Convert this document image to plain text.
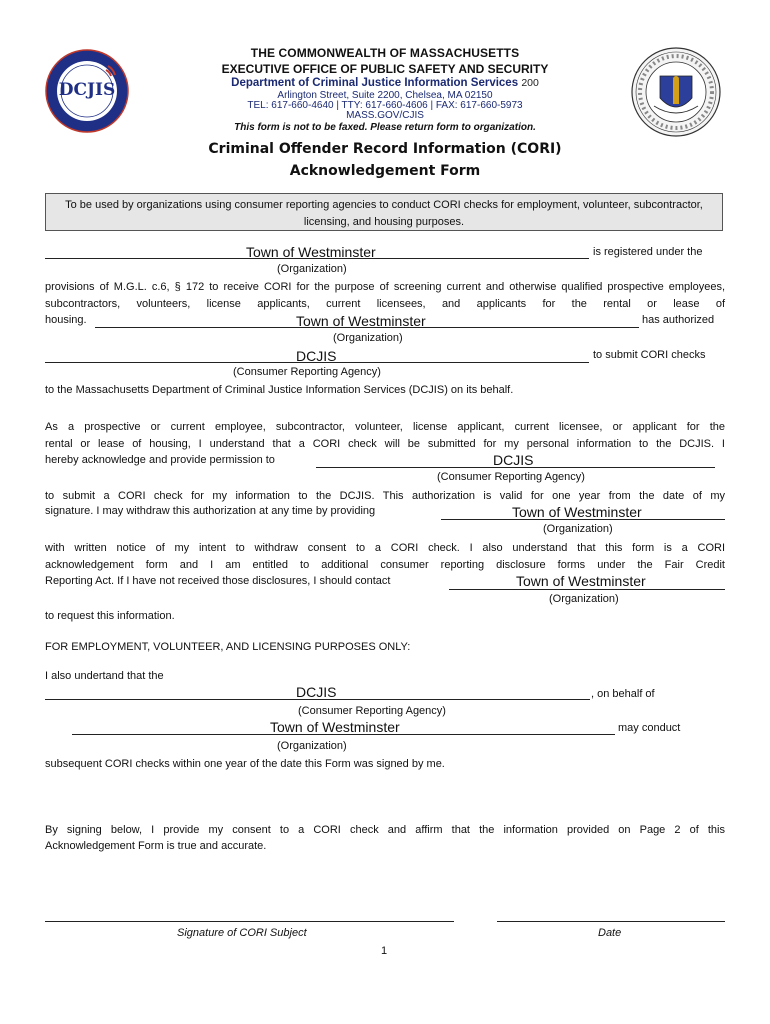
DCJIS
THE COMMONWEALTH OF MASSACHUSETTS
EXECUTIVE OFFICE OF PUBLIC SAFETY AND SECURITY
Department of Criminal Justice Information Services 200
Arlington Street, Suite 2200, Chelsea, MA 02150
TEL: 617-660-4640 | TTY: 617-660-4606 | FAX: 617-660-5973
MASS.GOV/CJIS
This form is not to be faxed. Please return form to organization.
Criminal Offender Record Information (CORI)
Acknowledgement Form
To be used by organizations using consumer reporting agencies to conduct CORI checks for employment, volunteer, subcontractor, licensing, and housing purposes.
Town of Westminster	is registered under the
(Organization)
provisions of M.G.L. c.6, § 172 to receive CORI for the purpose of screening current and otherwise qualified prospective employees, subcontractors, volunteers, license applicants, current licensees, and applicants for the rental or lease of
housing.	Town of Westminster	has authorized
(Organization)
DCJIS	to submit CORI checks
(Consumer Reporting Agency)
to the Massachusetts Department of Criminal Justice Information Services (DCJIS) on its behalf.
As a prospective or current employee, subcontractor, volunteer, license applicant, current licensee, or applicant for the
rental or lease of housing, I understand that a CORI check will be submitted for my personal information to the DCJIS. I
hereby acknowledge and provide permission to	DCJIS
(Consumer Reporting Agency)
to submit a CORI check for my information to the DCJIS. This authorization is valid for one year from the date of my
signature. I may withdraw this authorization at any time by providing	Town of Westminster
(Organization)
with written notice of my intent to withdraw consent to a CORI check. I also understand that this form is a CORI
acknowledgement form and I am entitled to additional consumer reporting disclosure forms under the Fair Credit
Reporting Act. If I have not received those disclosures, I should contact	Town of Westminster
(Organization)
to request this information.
FOR EMPLOYMENT, VOLUNTEER, AND LICENSING PURPOSES ONLY:
I also undertand that the
DCJIS	, on behalf of
(Consumer Reporting Agency)
Town of Westminster	may conduct
(Organization)
subsequent CORI checks within one year of the date this Form was signed by me.
By signing below, I provide my consent to a CORI check and affirm that the information provided on Page 2 of this
Acknowledgement Form is true and accurate.
Signature of CORI Subject	Date
1
